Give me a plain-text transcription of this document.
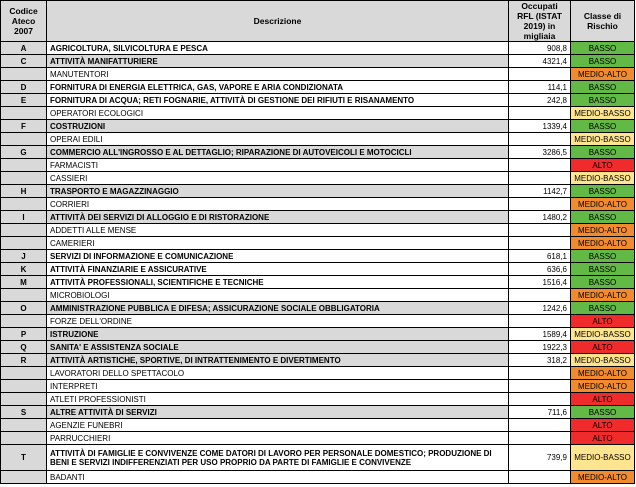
Codice Ateco 2007	Descrizione	Occupati RFL (ISTAT 2019) in migliaia	Classe di Rischio
A	AGRICOLTURA, SILVICOLTURA E PESCA	908,8	BASSO
C	ATTIVITÀ MANIFATTURIERE	4321,4	BASSO
	MANUTENTORI		MEDIO-ALTO
D	FORNITURA DI ENERGIA ELETTRICA, GAS, VAPORE E ARIA CONDIZIONATA	114,1	BASSO
E	FORNITURA DI ACQUA; RETI FOGNARIE, ATTIVITÀ DI GESTIONE DEI RIFIUTI E RISANAMENTO	242,8	BASSO
	OPERATORI ECOLOGICI		MEDIO-BASSO
F	COSTRUZIONI	1339,4	BASSO
	OPERAI EDILI		MEDIO-BASSO
G	COMMERCIO ALL'INGROSSO E AL DETTAGLIO; RIPARAZIONE DI AUTOVEICOLI E MOTOCICLI	3286,5	BASSO
	FARMACISTI		ALTO
	CASSIERI		MEDIO-BASSO
H	TRASPORTO E MAGAZZINAGGIO	1142,7	BASSO
	CORRIERI		MEDIO-ALTO
I	ATTIVITÀ DEI SERVIZI DI ALLOGGIO E DI RISTORAZIONE	1480,2	BASSO
	ADDETTI ALLE MENSE		MEDIO-ALTO
	CAMERIERI		MEDIO-ALTO
J	SERVIZI DI INFORMAZIONE E COMUNICAZIONE	618,1	BASSO
K	ATTIVITÀ FINANZIARIE E ASSICURATIVE	636,6	BASSO
M	ATTIVITÀ PROFESSIONALI, SCIENTIFICHE E TECNICHE	1516,4	BASSO
	MICROBIOLOGI		MEDIO-ALTO
O	AMMINISTRAZIONE PUBBLICA E DIFESA; ASSICURAZIONE SOCIALE OBBLIGATORIA	1242,6	BASSO
	FORZE DELL'ORDINE		ALTO
P	ISTRUZIONE	1589,4	MEDIO-BASSO
Q	SANITA' E ASSISTENZA SOCIALE	1922,3	ALTO
R	ATTIVITÀ ARTISTICHE, SPORTIVE, DI INTRATTENIMENTO E DIVERTIMENTO	318,2	MEDIO-BASSO
	LAVORATORI DELLO SPETTACOLO		MEDIO-ALTO
	INTERPRETI		MEDIO-ALTO
	ATLETI PROFESSIONISTI		ALTO
S	ALTRE ATTIVITÀ DI SERVIZI	711,6	BASSO
	AGENZIE FUNEBRI		ALTO
	PARRUCCHIERI		ALTO
T	ATTIVITÀ DI FAMIGLIE E CONVIVENZE COME DATORI DI LAVORO PER PERSONALE DOMESTICO; PRODUZIONE DI BENI E SERVIZI INDIFFERENZIATI PER USO PROPRIO DA PARTE DI FAMIGLIE E CONVIVENZE	739,9	MEDIO-BASSO
	BADANTI		MEDIO-ALTO
